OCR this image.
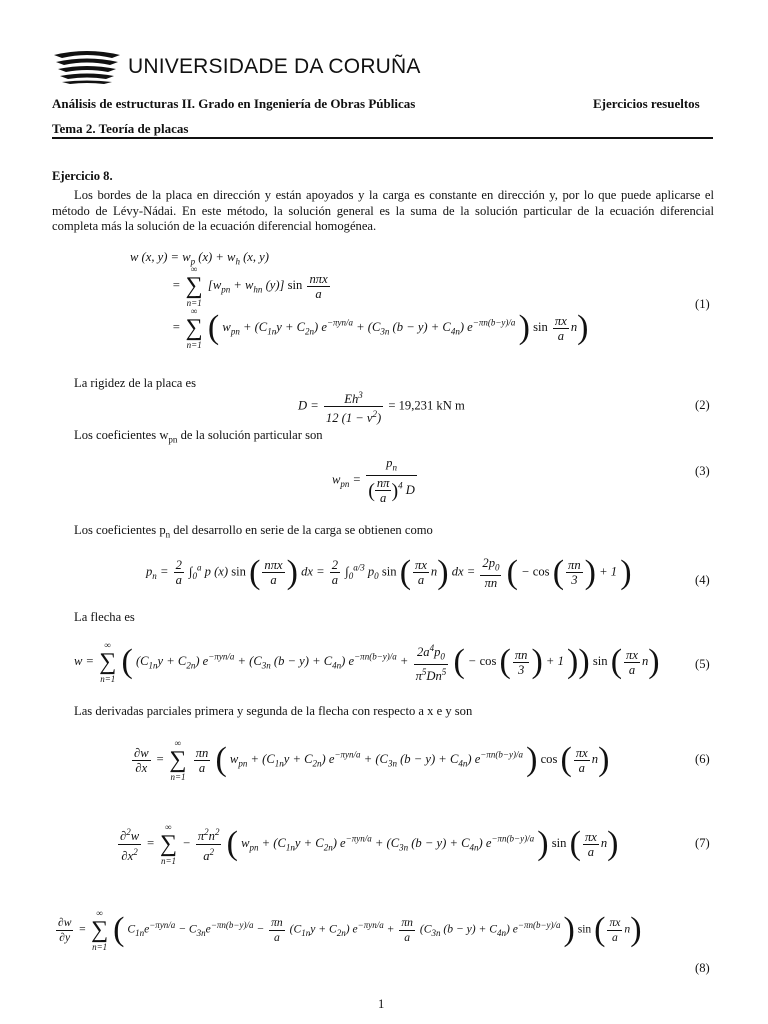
UNIVERSIDADE DA CORUÑA
Análisis de estructuras II. Grado en Ingeniería de Obras Públicas	Ejercicios resueltos
Tema 2. Teoría de placas
Ejercicio 8.
Los bordes de la placa en dirección y están apoyados y la carga es constante en dirección y, por lo que puede aplicarse el método de Lévy-Nádai. En este método, la solución general es la suma de la solución particular de la ecuación diferencial completa más la solución de la ecuación diferencial homogénea.
w (x, $y) = w_p$ $(x) + w_h$ (x, y)
=
∞
∑
n=1
[$w_{pn} + w_{hn}$ (y)] $\sin \frac{\text{nπx}}{a}$
=
∞
∑
n=1 ( $w_{pn} + (C_{1n}y + C_{2n}) e^{-\pi yn/a} + (C_{3n}$ $(b - y) + C_{4n}$) $e^{-\pi n(b-y)/a}$ ) $\sin \frac{\pi x}{a} n$)
(1)
La rigidez de la placa es
$D = \frac{Eh^3}{12 (1 - \nu^2)} = 19,231$ kN m	(2)
Los coeficientes $w_{pn}$ de la solución particular son
$w_{pn} = \frac{p_n}{( \frac{n\pi}{a} )^4 D}$	(3)
Los coeficientes $p_n$ del desarrollo en serie de la carga se obtienen como
$p_n = \frac{2}{a} \int_0^a$ p (x) sin ( $\frac{\text{nπx}}{a}$ ) dx = $\frac{2}{a} \int_0^{a/3}$ $p_0$ sin ( $\frac{\pi x}{a} n$) dx = $\frac{2p_0}{\pi n}$ ( − cos ( $\frac{\pi n}{3}$ ) + 1 )	(4)
La flecha es
w =
∞
∑
n=1 ( $(C_{1n}y + C_{2n}) e^{-\pi yn/a} + (C_{3n}$ $(b - y) + C_{4n}$) $e^{-\pi n(b-y)/a} + \frac{2a^4p_0}{\pi^5Dn^5}$ ( − cos ( $\frac{\pi n}{3}$ ) + 1 )) sin ( $\frac{\pi x}{a} n$)	(5)
Las derivadas parciales primera y segunda de la flecha con respecto a x e y son
$\frac{\partial w}{\partial x}$ =
∞
∑
n=1

$\frac{\pi n}{a}$ ( $w_{pn} + (C_{1n}y + C_{2n}) e^{-\pi yn/a} + (C_{3n}$ $(b - y) + C_{4n}$) $e^{-\pi n(b-y)/a}$ ) cos ( $\frac{\pi x}{a} n$)	(6)
$\frac{\partial^2w}{\partial x^2}$ =
∞
∑
n=1
− $\frac{\pi^2n^2}{a^2}$ ( $w_{pn} + (C_{1n}y + C_{2n}) e^{-\pi yn/a} + (C_{3n}$ $(b - y) + C_{4n}$) $e^{-\pi n(b-y)/a}$ ) sin ( $\frac{\pi x}{a} n$)	(7)
$\frac{\partial w}{\partial y}$ =
∞
∑
n=1 ( $C_{1n}e^{-\pi yn/a} - C_{3n}e^{-\pi n(b-y)/a} - \frac{\pi n}{a} (C_{1n}y + C_{2n}) e^{-\pi yn/a} + \frac{\pi n}{a} (C_{3n}$ $(b - y) + C_{4n}$) $e^{-\pi n(b-y)/a}$ ) sin ( $\frac{\pi x}{a} n$)
(8)
1
